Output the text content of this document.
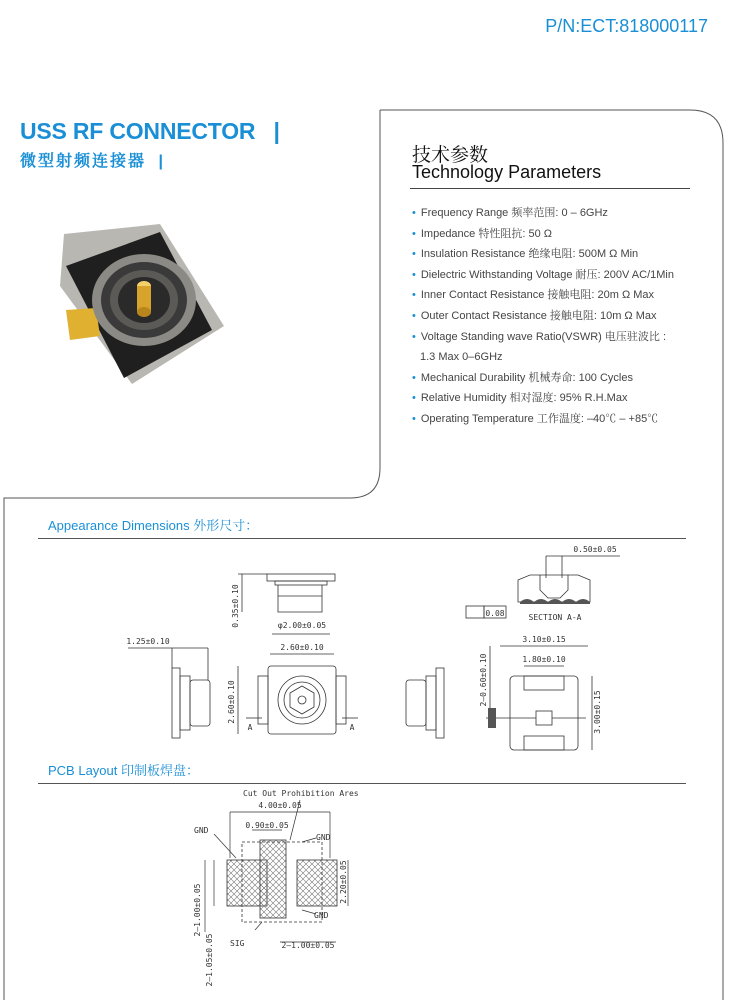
P/N:ECT:818000117
USS RF CONNECTOR |
微型射频连接器 |	技术参数
Technology Parameters
• Frequency Range 频率范围: 0 – 6GHz
• Impedance 特性阻抗: 50 Ω
• Insulation Resistance 绝缘电阻: 500M Ω Min
• Dielectric Withstanding Voltage 耐压: 200V AC/1Min
• Inner Contact Resistance 接触电阻: 20m Ω Max
• Outer Contact Resistance 接触电阻: 10m Ω Max
• Voltage Standing wave Ratio(VSWR) 电压驻波比 :
1.3 Max 0–6GHz
• Mechanical Durability 机械寿命: 100 Cycles
• Relative Humidity 相对湿度: 95% R.H.Max
• Operating Temperature 工作温度: –40℃ – +85℃
Appearance Dimensions 外形尺寸：
0.35±0.10	φ2.00±0.05
1.25±0.10
2.60±0.10
2.60±0.10
A	A
0.50±0.05
0.08	SECTION A-A
3.10±0.15
1.80±0.10
2–0.60±0.10
3.00±0.15
PCB Layout 印制板焊盘：
Cut Out Prohibition Ares
4.00±0.05
0.90±0.05
GND
GND
GND
SIG
2.20±0.05
2–1.00±0.05
2–1.05±0.05	2–1.00±0.05
